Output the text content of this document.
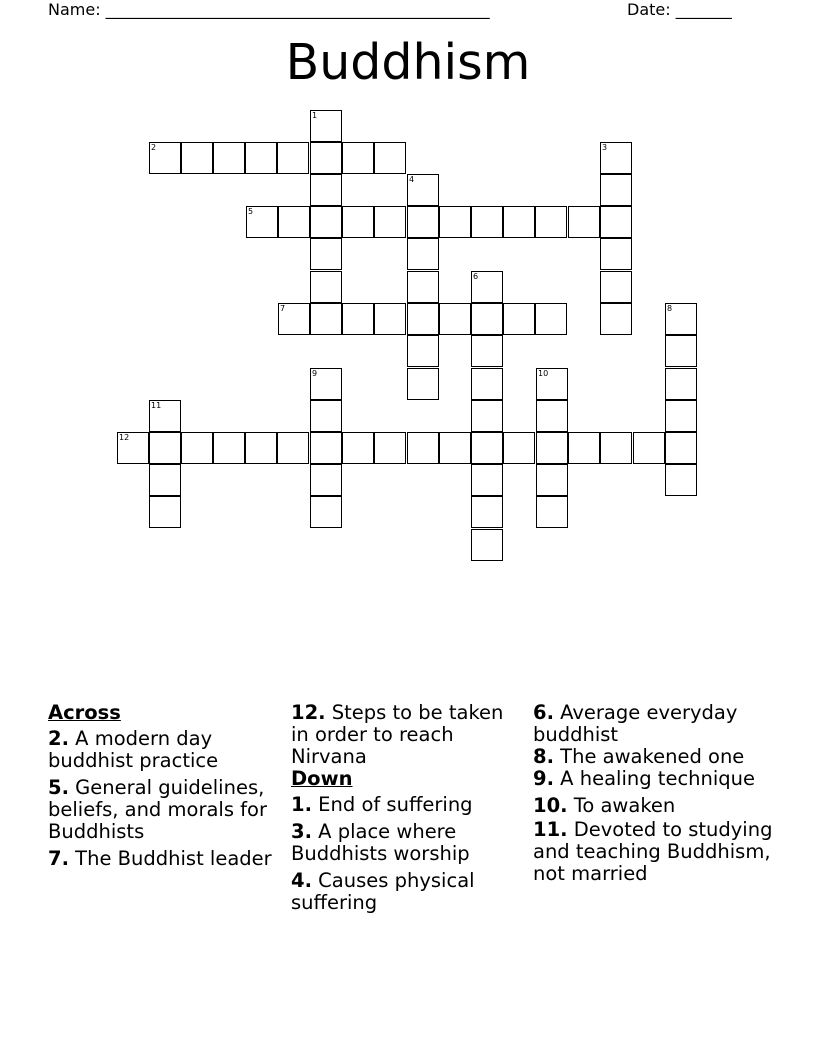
Name: ________________________________________________	Date: _______
Buddhism
1
2	3
4
5
6
7	8
9	10
11
12
Across
2. A modern day buddhist practice
5. General guidelines, beliefs, and morals for Buddhists
7. The Buddhist leader
12. Steps to be taken in order to reach Nirvana
Down
1. End of suffering
3. A place where Buddhists worship
4. Causes physical suffering
6. Average everyday buddhist
8. The awakened one
9. A healing technique
10. To awaken
11. Devoted to studying and teaching Buddhism, not married
